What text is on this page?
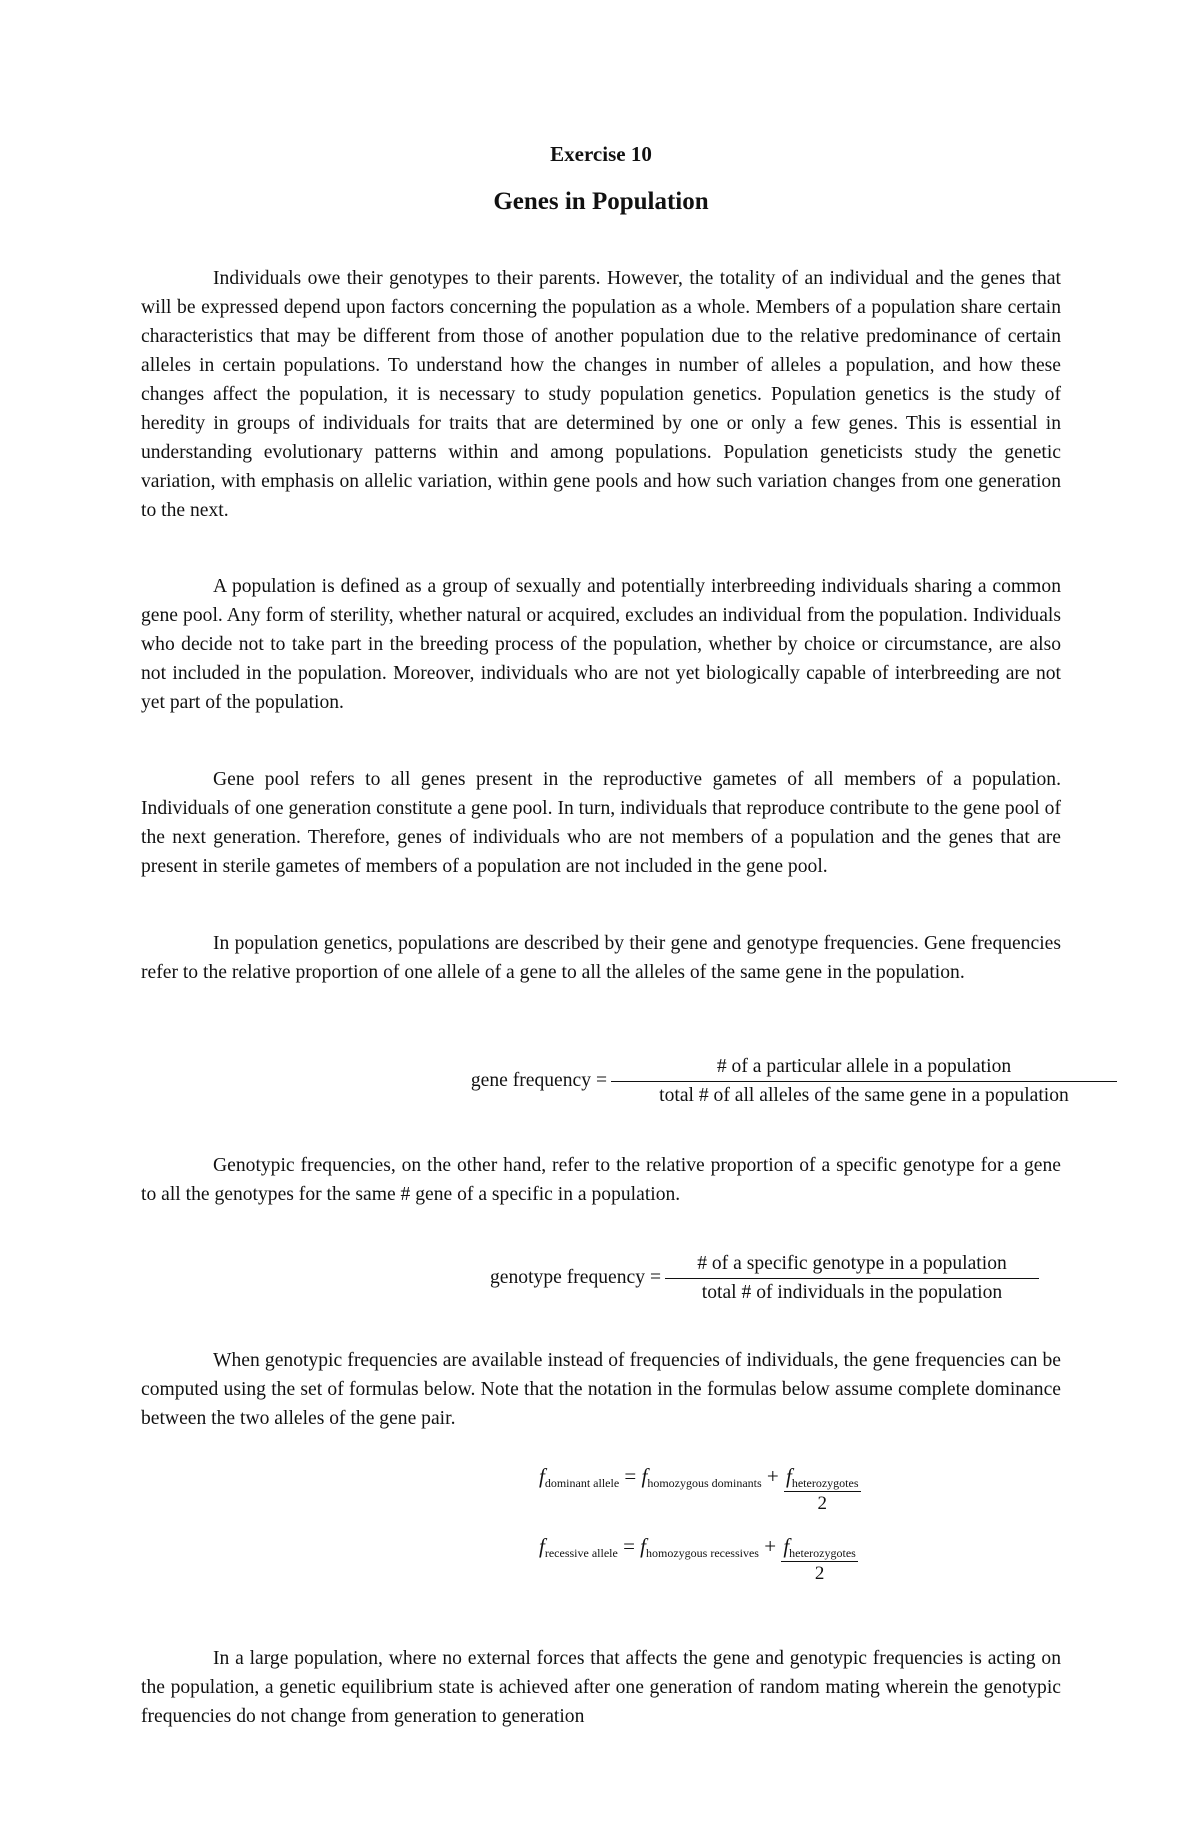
Exercise 10
Genes in Population

Individuals owe their genotypes to their parents. However, the totality of an individual and the genes that will be expressed depend upon factors concerning the population as a whole. Members of a population share certain characteristics that may be different from those of another population due to the relative predominance of certain alleles in certain populations. To understand how the changes in number of alleles a population, and how these changes affect the population, it is necessary to study population genetics. Population genetics is the study of heredity in groups of individuals for traits that are determined by one or only a few genes. This is essential in understanding evolutionary patterns within and among populations. Population geneticists study the genetic variation, with emphasis on allelic variation, within gene pools and how such variation changes from one generation to the next.

A population is defined as a group of sexually and potentially interbreeding individuals sharing a common gene pool. Any form of sterility, whether natural or acquired, excludes an individual from the population. Individuals who decide not to take part in the breeding process of the population, whether by choice or circumstance, are also not included in the population. Moreover, individuals who are not yet biologically capable of interbreeding are not yet part of the population.

Gene pool refers to all genes present in the reproductive gametes of all members of a population. Individuals of one generation constitute a gene pool. In turn, individuals that reproduce contribute to the gene pool of the next generation. Therefore, genes of individuals who are not members of a population and the genes that are present in sterile gametes of members of a population are not included in the gene pool.

In population genetics, populations are described by their gene and genotype frequencies. Gene frequencies refer to the relative proportion of one allele of a gene to all the alleles of the same gene in the population.

gene frequency =
# of a particular allele in a population
total # of all alleles of the same gene in a population

Genotypic frequencies, on the other hand, refer to the relative proportion of a specific genotype for a gene to all the genotypes for the same # gene of a specific in a population.

genotype frequency =
# of a specific genotype in a population
total # of individuals in the population

When genotypic frequencies are available instead of frequencies of individuals, the gene frequencies can be computed using the set of formulas below. Note that the notation in the formulas below assume complete dominance between the two alleles of the gene pair.

$f_{dominant allele} = f_{homozygous dominants} + f_{heterozygotes}$
2
$f_{recessive allele} = f_{homozygous recessives} + f_{heterozygotes}$
2

In a large population, where no external forces that affects the gene and genotypic frequencies is acting on the population, a genetic equilibrium state is achieved after one generation of random mating wherein the genotypic frequencies do not change from generation to generation
